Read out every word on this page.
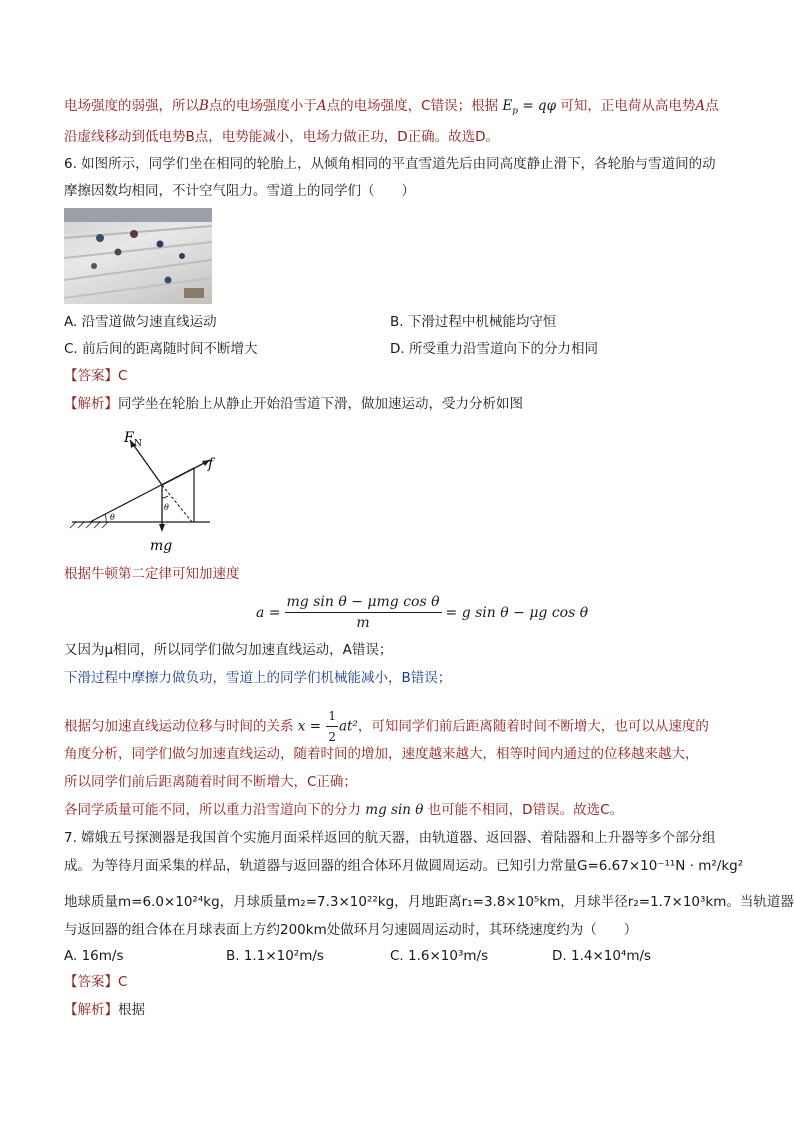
电场强度的弱强，所以B点的电场强度小于A点的电场强度，C错误；根据 $E_p = q\varphi$ 可知，正电荷从高电势A点
沿虚线移动到低电势B点，电势能减小，电场力做正功，D正确。故选D。
6. 如图所示，同学们坐在相同的轮胎上，从倾角相同的平直雪道先后由同高度静止滑下，各轮胎与雪道间的动
摩擦因数均相同，不计空气阻力。雪道上的同学们（　　）
A. 沿雪道做匀速直线运动	B. 下滑过程中机械能均守恒
C. 前后间的距离随时间不断增大	D. 所受重力沿雪道向下的分力相同
【答案】C
【解析】同学坐在轮胎上从静止开始沿雪道下滑，做加速运动，受力分析如图
F N
f
θ
θ
mg
根据牛顿第二定律可知加速度
$a = \frac{\text{mg sin θ − μmg cos θ}}{m} = g$ sin θ − μg cos θ
又因为μ相同，所以同学们做匀加速直线运动，A错误；
下滑过程中摩擦力做负功，雪道上的同学们机械能减小，B错误；
根据匀加速直线运动位移与时间的关系 $x = \frac{1}{2} at^2$，可知同学们前后距离随着时间不断增大，也可以从速度的
角度分析，同学们做匀加速直线运动，随着时间的增加，速度越来越大，相等时间内通过的位移越来越大，
所以同学们前后距离随着时间不断增大，C正确；
各同学质量可能不同，所以重力沿雪道向下的分力 mg sin θ 也可能不相同，D错误。故选C。
7. 嫦娥五号探测器是我国首个实施月面采样返回的航天器，由轨道器、返回器、着陆器和上升器等多个部分组
成。为等待月面采集的样品，轨道器与返回器的组合体环月做圆周运动。已知引力常量G=6.67×10⁻¹¹N · m²/kg²
地球质量m=6.0×10²⁴kg，月球质量m₂=7.3×10²²kg，月地距离r₁=3.8×10⁵km，月球半径r₂=1.7×10³km。当轨道器
与返回器的组合体在月球表面上方约200km处做环月匀速圆周运动时，其环绕速度约为（　　）
A. 16m/s	B. 1.1×10²m/s	C. 1.6×10³m/s	D. 1.4×10⁴m/s
【答案】C
【解析】根据
